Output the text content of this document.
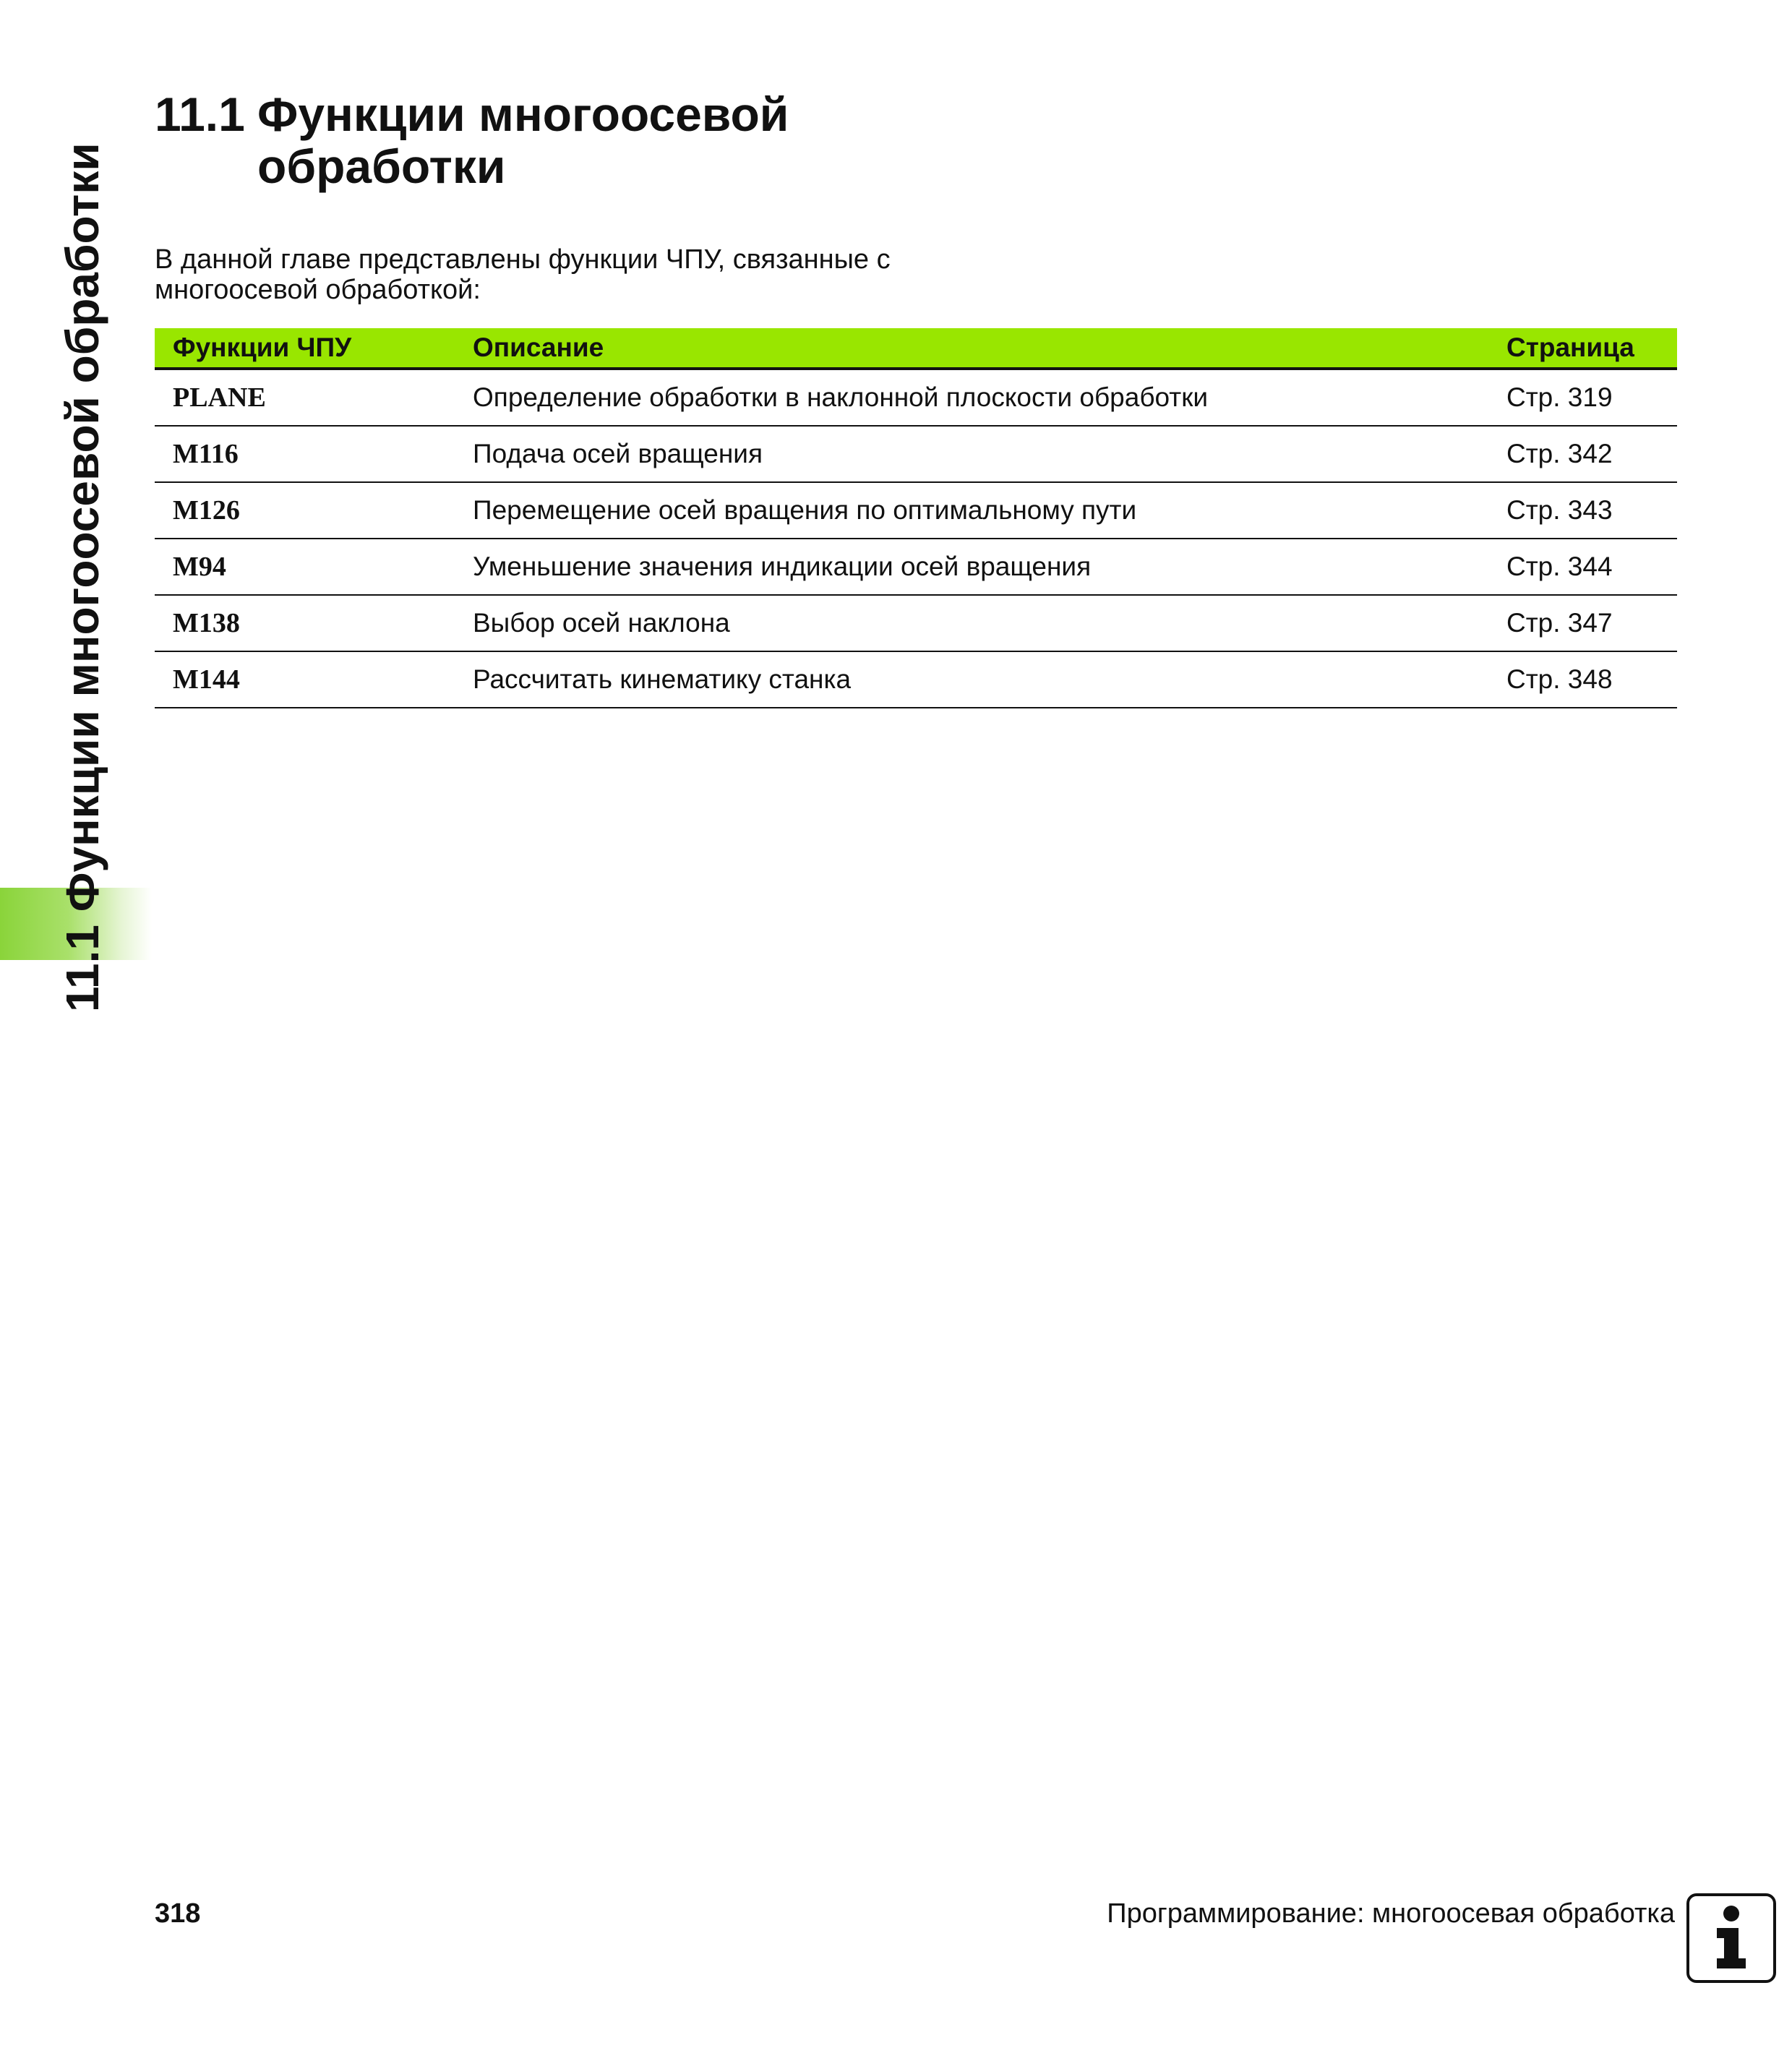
11.1 Функции многоосевой обработки
11.1 Функции многоосевой
обработки
В данной главе представлены функции ЧПУ, связанные с многоосевой обработкой:
Функции ЧПУ	Описание	Страница
PLANE	Определение обработки в наклонной плоскости обработки	Стр. 319
M116	Подача осей вращения	Стр. 342
M126	Перемещение осей вращения по оптимальному пути	Стр. 343
M94	Уменьшение значения индикации осей вращения	Стр. 344
M138	Выбор осей наклона	Стр. 347
M144	Рассчитать кинематику станка	Стр. 348
318	Программирование: многоосевая обработка
